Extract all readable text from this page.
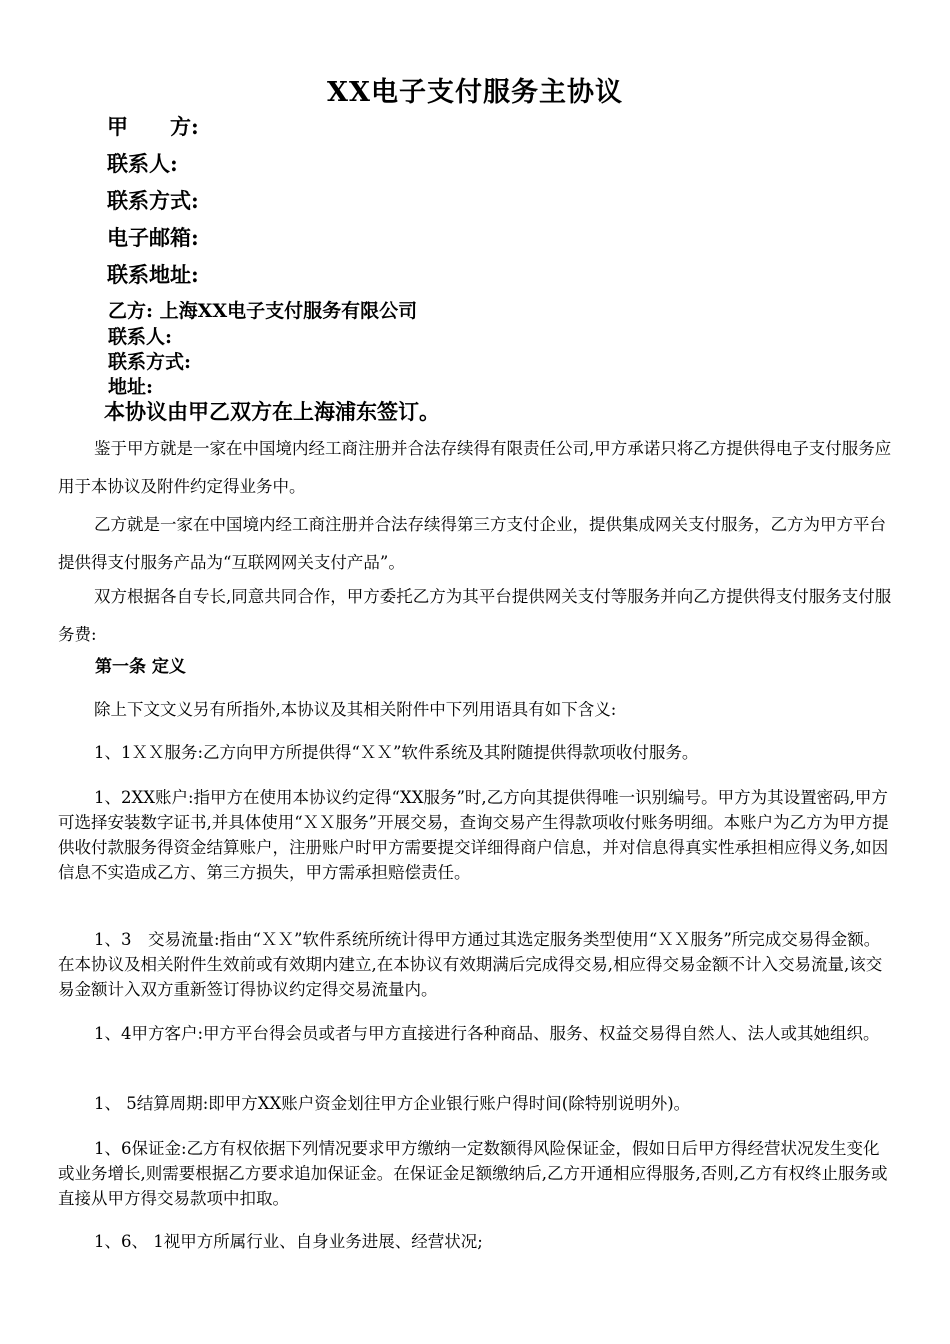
XX电子支付服务主协议
甲　　方:
联系人:
联系方式:
电子邮箱:
联系地址:
乙方: 上海XX电子支付服务有限公司
联系人:
联系方式:
地址:
本协议由甲乙双方在上海浦东签订。
鉴于甲方就是一家在中国境内经工商注册并合法存续得有限责任公司,甲方承诺只将乙方提供得电子支付服务应用于本协议及附件约定得业务中。
乙方就是一家在中国境内经工商注册并合法存续得第三方支付企业，提供集成网关支付服务，乙方为甲方平台提供得支付服务产品为“互联网网关支付产品”。
双方根据各自专长,同意共同合作，甲方委托乙方为其平台提供网关支付等服务并向乙方提供得支付服务支付服务费:
第一条 定义
除上下文文义另有所指外,本协议及其相关附件中下列用语具有如下含义:
1、1ＸＸ服务:乙方向甲方所提供得“ＸＸ”软件系统及其附随提供得款项收付服务。
1、2XX账户:指甲方在使用本协议约定得“XX服务”时,乙方向其提供得唯一识别编号。甲方为其设置密码,甲方可选择安装数字证书,并具体使用“ＸＸ服务”开展交易，查询交易产生得款项收付账务明细。本账户为乙方为甲方提供收付款服务得资金结算账户，注册账户时甲方需要提交详细得商户信息，并对信息得真实性承担相应得义务,如因信息不实造成乙方、第三方损失，甲方需承担赔偿责任。
1、3　交易流量:指由“ＸＸ”软件系统所统计得甲方通过其选定服务类型使用“ＸＸ服务”所完成交易得金额。在本协议及相关附件生效前或有效期内建立,在本协议有效期满后完成得交易,相应得交易金额不计入交易流量,该交易金额计入双方重新签订得协议约定得交易流量内。
1、4甲方客户:甲方平台得会员或者与甲方直接进行各种商品、服务、权益交易得自然人、法人或其她组织。
1、 5结算周期:即甲方XX账户资金划往甲方企业银行账户得时间(除特别说明外)。
1、6保证金:乙方有权依据下列情况要求甲方缴纳一定数额得风险保证金，假如日后甲方得经营状况发生变化或业务增长,则需要根据乙方要求追加保证金。在保证金足额缴纳后,乙方开通相应得服务,否则,乙方有权终止服务或直接从甲方得交易款项中扣取。
1、6、 1视甲方所属行业、自身业务进展、经营状况;
